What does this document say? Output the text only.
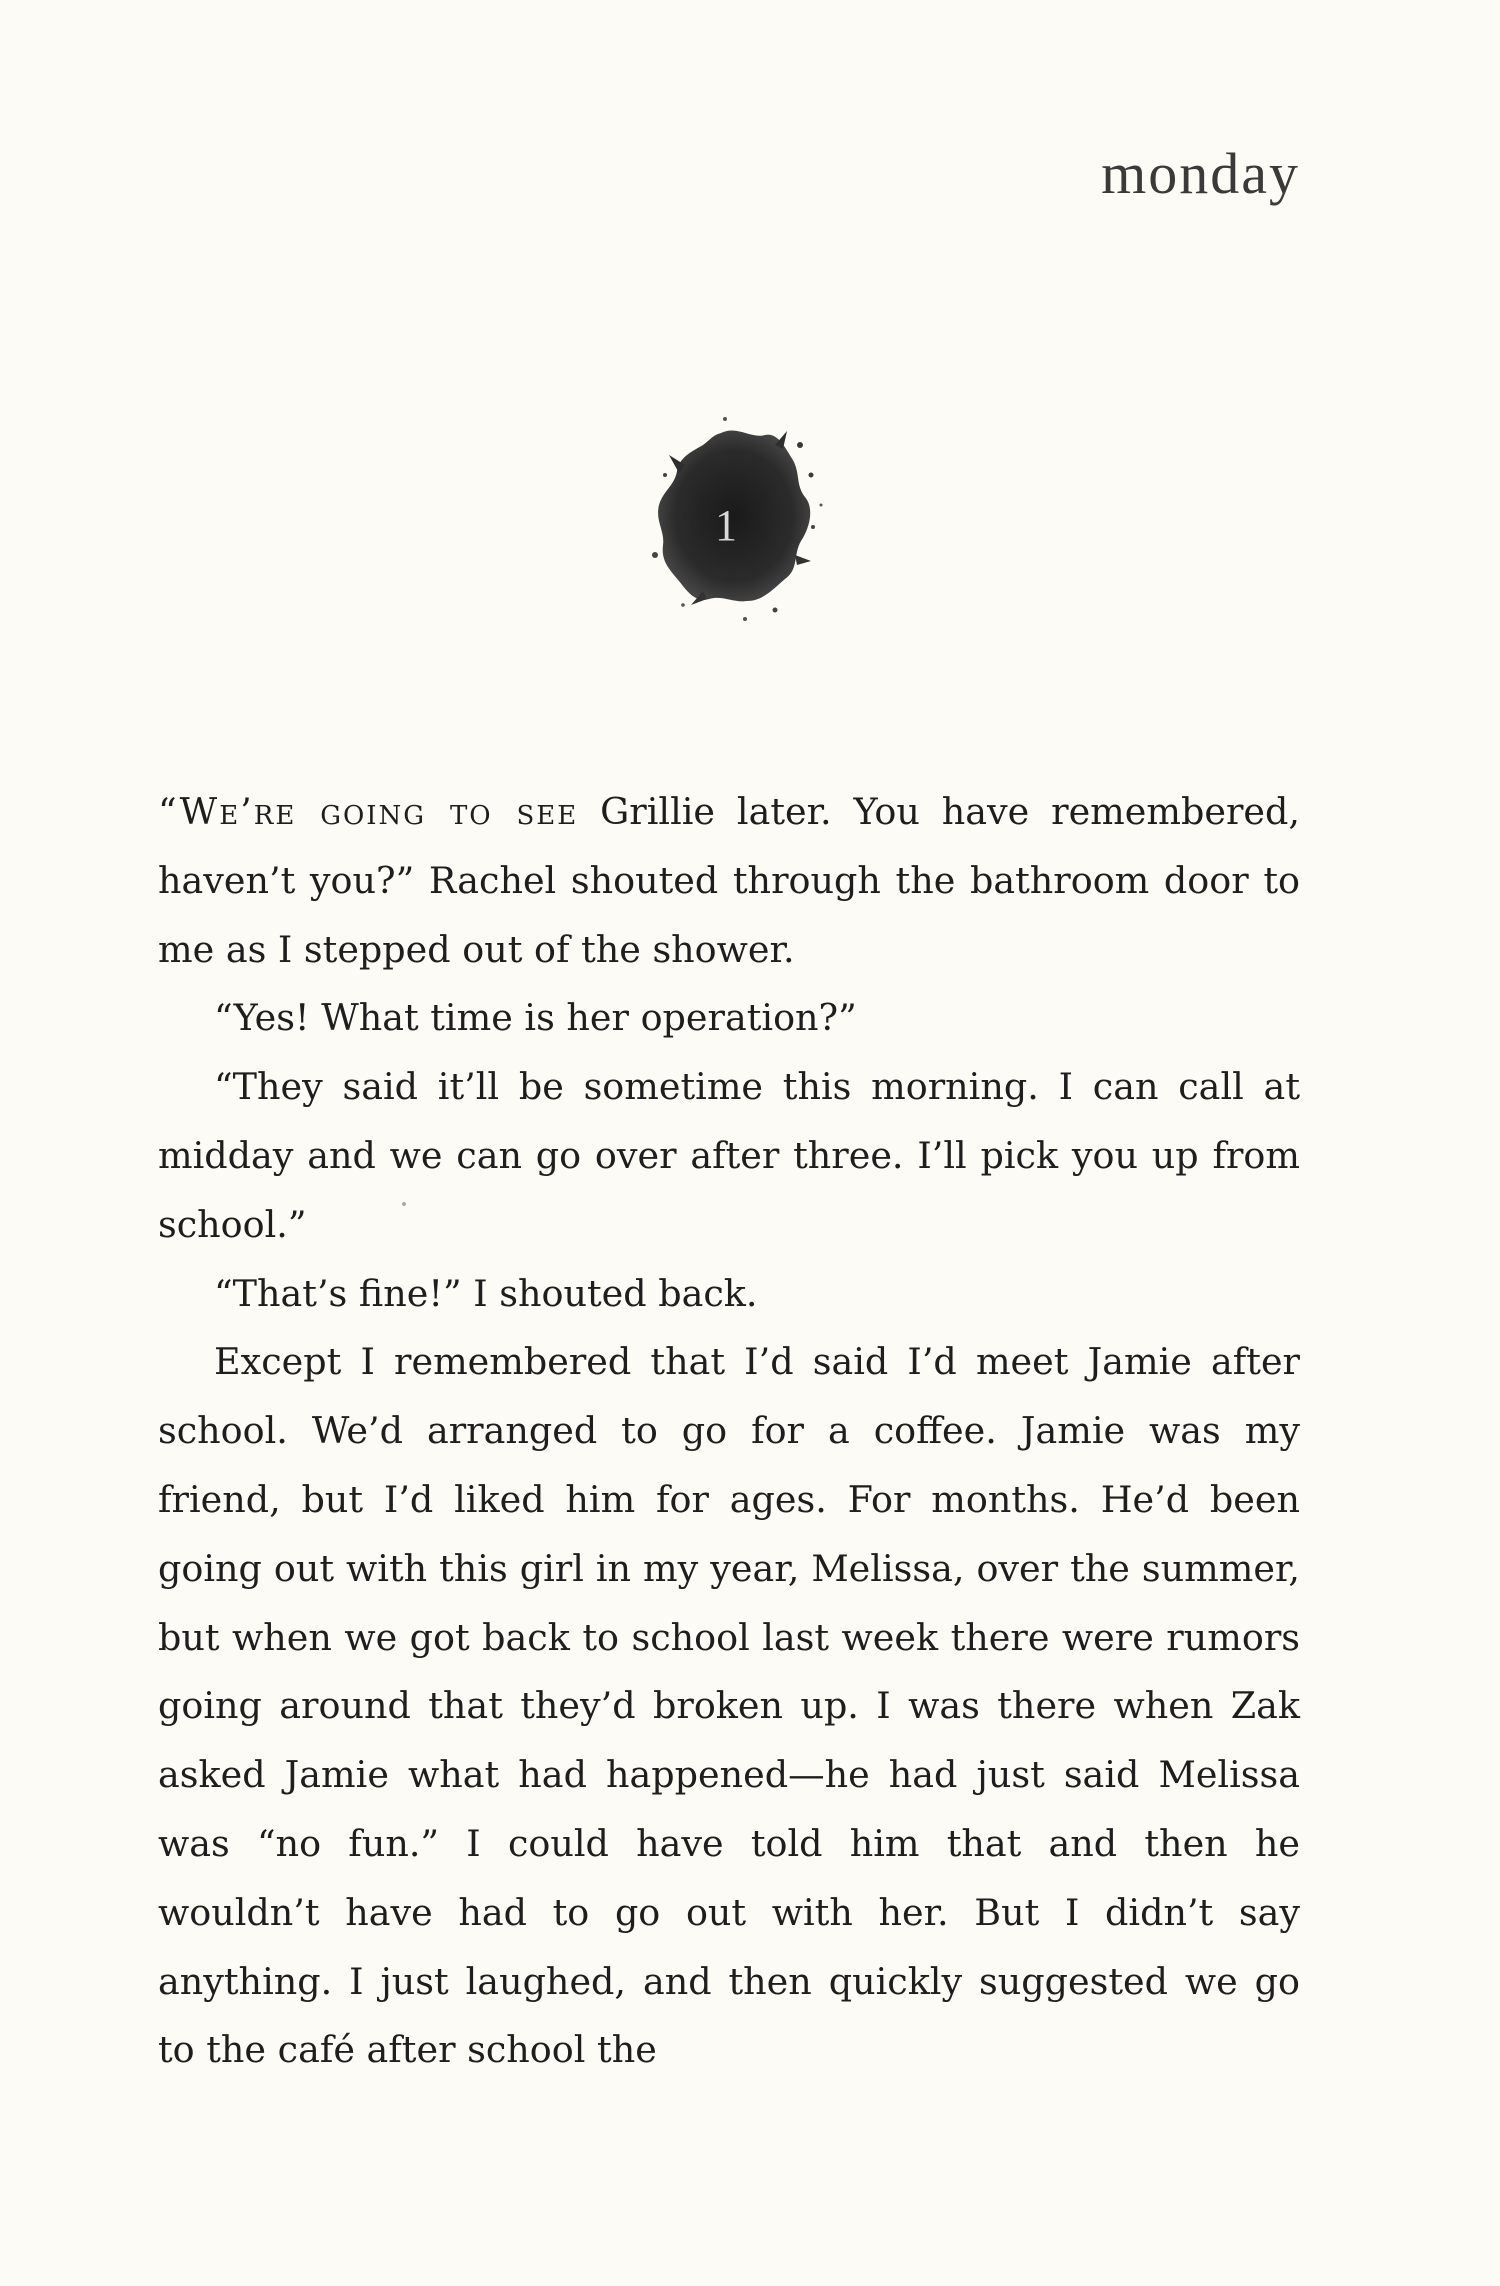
monday
1

“We’re going to see Grillie later. You have remembered, haven’t you?” Rachel shouted through the bathroom door to me as I stepped out of the shower.

“Yes! What time is her operation?”

“They said it’ll be sometime this morning. I can call at midday and we can go over after three. I’ll pick you up from school.”

“That’s fine!” I shouted back.

Except I remembered that I’d said I’d meet Jamie after school. We’d arranged to go for a coffee. Jamie was my friend, but I’d liked him for ages. For months. He’d been going out with this girl in my year, Melissa, over the summer, but when we got back to school last week there were rumors going around that they’d broken up. I was there when Zak asked Jamie what had happened—he had just said Melissa was “no fun.” I could have told him that and then he wouldn’t have had to go out with her. But I didn’t say anything. I just laughed, and then quickly suggested we go to the café after school the
